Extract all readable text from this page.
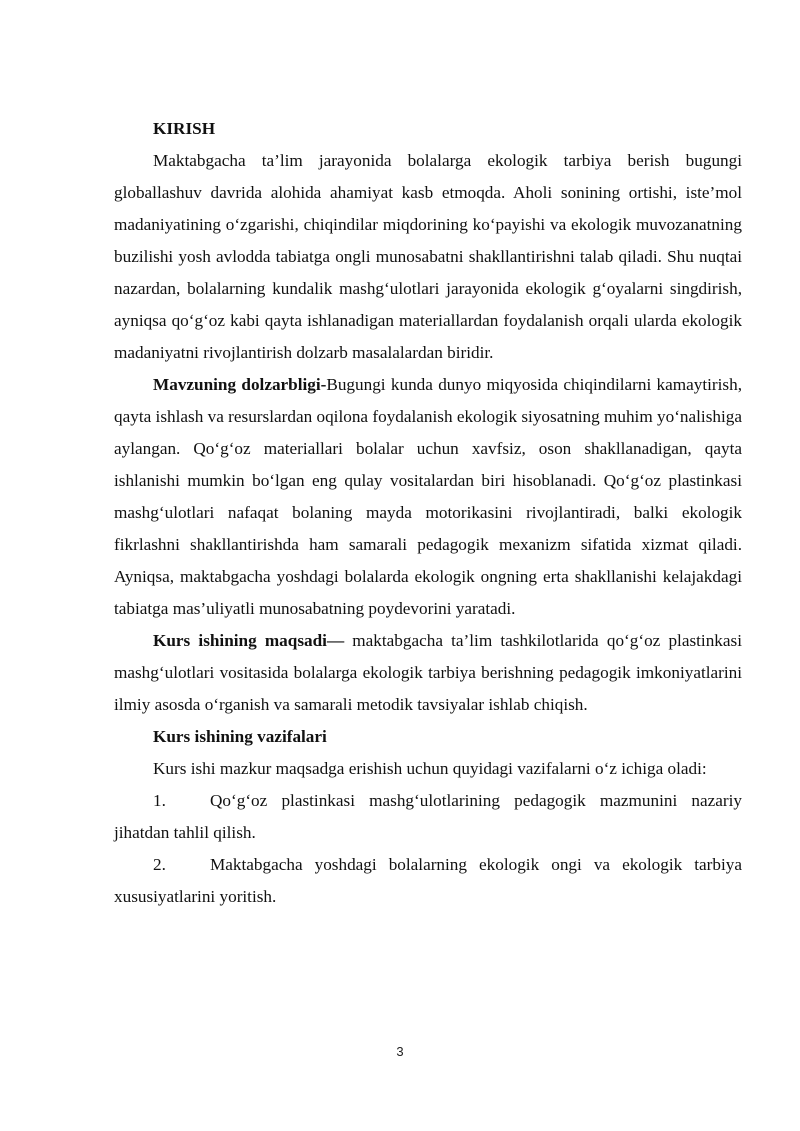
KIRISH

Maktabgacha ta’lim jarayonida bolalarga ekologik tarbiya berish bugungi globallashuv davrida alohida ahamiyat kasb etmoqda. Aholi sonining ortishi, iste’mol madaniyatining o‘zgarishi, chiqindilar miqdorining ko‘payishi va ekologik muvozanatning buzilishi yosh avlodda tabiatga ongli munosabatni shakllantirishni talab qiladi. Shu nuqtai nazardan, bolalarning kundalik mashg‘ulotlari jarayonida ekologik g‘oyalarni singdirish, ayniqsa qo‘g‘oz kabi qayta ishlanadigan materiallardan foydalanish orqali ularda ekologik madaniyatni rivojlantirish dolzarb masalalardan biridir.

Mavzuning dolzarbligi-Bugungi kunda dunyo miqyosida chiqindilarni kamaytirish, qayta ishlash va resurslardan oqilona foydalanish ekologik siyosatning muhim yo‘nalishiga aylangan. Qo‘g‘oz materiallari bolalar uchun xavfsiz, oson shakllanadigan, qayta ishlanishi mumkin bo‘lgan eng qulay vositalardan biri hisoblanadi. Qo‘g‘oz plastinkasi mashg‘ulotlari nafaqat bolaning mayda motorikasini rivojlantiradi, balki ekologik fikrlashni shakllantirishda ham samarali pedagogik mexanizm sifatida xizmat qiladi. Ayniqsa, maktabgacha yoshdagi bolalarda ekologik ongning erta shakllanishi kelajakdagi tabiatga mas’uliyatli munosabatning poydevorini yaratadi.

Kurs ishining maqsadi— maktabgacha ta’lim tashkilotlarida qo‘g‘oz plastinkasi mashg‘ulotlari vositasida bolalarga ekologik tarbiya berishning pedagogik imkoniyatlarini ilmiy asosda o‘rganish va samarali metodik tavsiyalar ishlab chiqish.

Kurs ishining vazifalari

Kurs ishi mazkur maqsadga erishish uchun quyidagi vazifalarni o‘z ichiga oladi:

1.	Qo‘g‘oz plastinkasi mashg‘ulotlarining pedagogik mazmunini nazariy jihatdan tahlil qilish.

2.	Maktabgacha yoshdagi bolalarning ekologik ongi va ekologik tarbiya xususiyatlarini yoritish.

3
